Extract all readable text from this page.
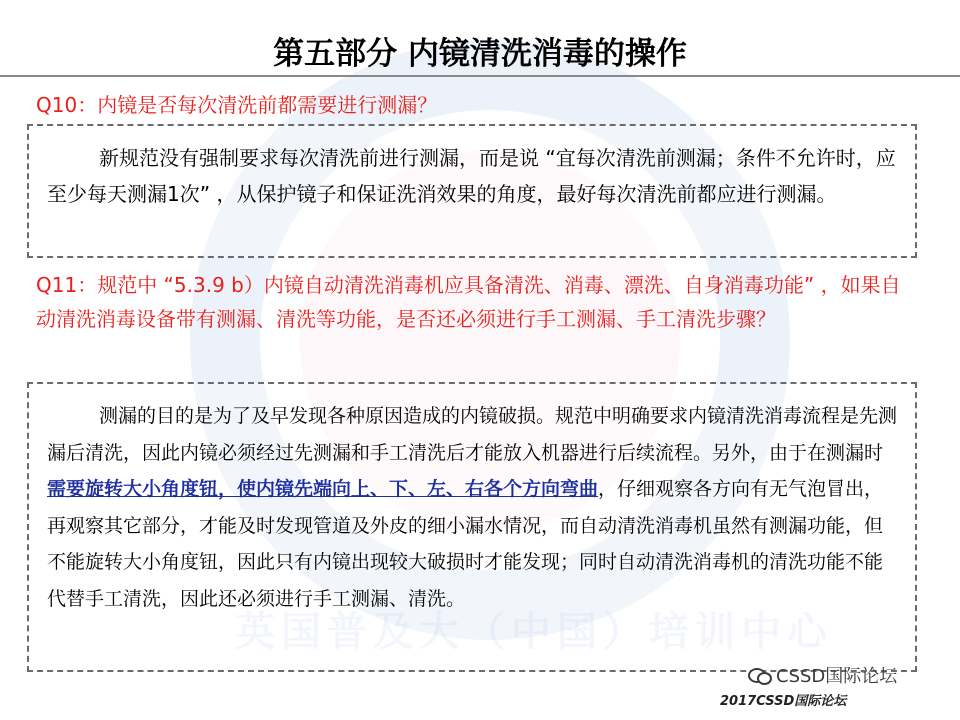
英国普及大（中国）培训中心
第五部分 内镜清洗消毒的操作
Q10：内镜是否每次清洗前都需要进行测漏？

新规范没有强制要求每次清洗前进行测漏，而是说 “宜每次清洗前测漏；条件不允许时，应至少每天测漏1次” ，从保护镜子和保证洗消效果的角度，最好每次清洗前都应进行测漏。

Q11：规范中 “5.3.9 b）内镜自动清洗消毒机应具备清洗、消毒、漂洗、自身消毒功能” ，如果自动清洗消毒设备带有测漏、清洗等功能，是否还必须进行手工测漏、手工清洗步骤？

测漏的目的是为了及早发现各种原因造成的内镜破损。规范中明确要求内镜清洗消毒流程是先测漏后清洗，因此内镜必须经过先测漏和手工清洗后才能放入机器进行后续流程。另外，由于在测漏时需要旋转大小角度钮，使内镜先端向上、下、左、右各个方向弯曲，仔细观察各方向有无气泡冒出，再观察其它部分，才能及时发现管道及外皮的细小漏水情况，而自动清洗消毒机虽然有测漏功能，但不能旋转大小角度钮，因此只有内镜出现较大破损时才能发现；同时自动清洗消毒机的清洗功能不能代替手工清洗，因此还必须进行手工测漏、清洗。

CSSD国际论坛
2017CSSD国际论坛
